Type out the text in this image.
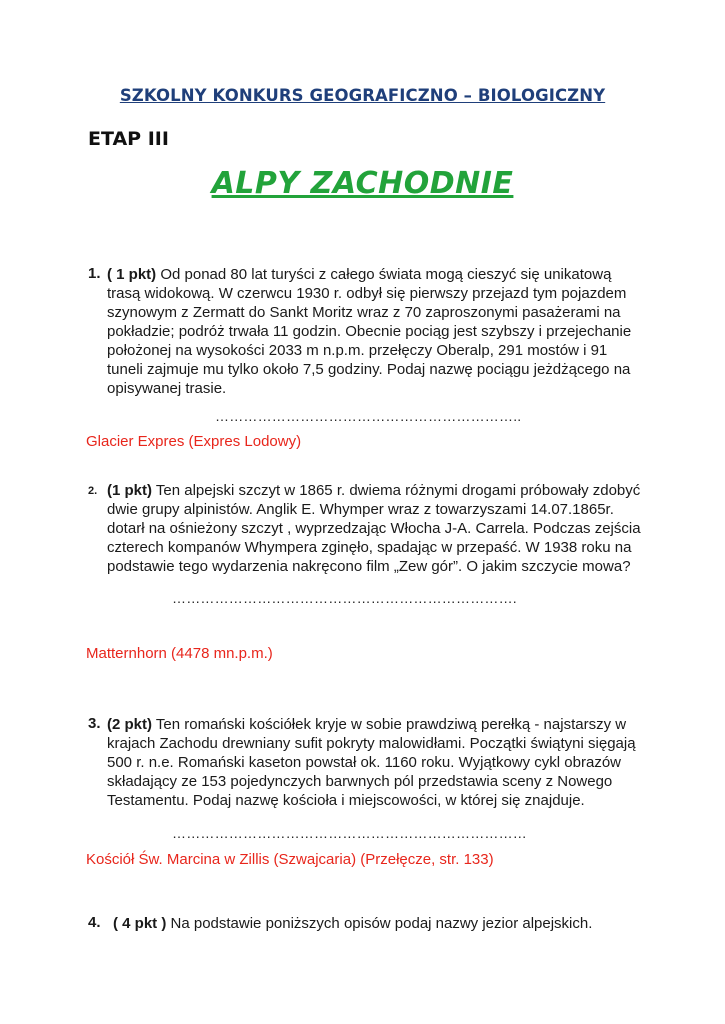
SZKOLNY KONKURS GEOGRAFICZNO – BIOLOGICZNY
ETAP III
ALPY ZACHODNIE
1. ( 1 pkt) Od ponad 80 lat turyści z całego świata mogą cieszyć się unikatową trasą widokową. W czerwcu 1930 r. odbył się pierwszy przejazd tym pojazdem szynowym z Zermatt do Sankt Moritz wraz z 70 zaproszonymi pasażerami na pokładzie; podróż trwała 11 godzin. Obecnie pociąg jest szybszy i przejechanie położonej na wysokości 2033 m n.p.m. przełęczy Oberalp, 291 mostów i 91 tuneli zajmuje mu tylko około 7,5 godziny. Podaj nazwę pociągu jeżdżącego na opisywanej trasie.
………………………………………………………..
Glacier Expres (Expres Lodowy)
2. (1 pkt) Ten alpejski szczyt w 1865 r. dwiema różnymi drogami próbowały zdobyć dwie grupy alpinistów. Anglik E. Whymper wraz z towarzyszami 14.07.1865r. dotarł na ośnieżony szczyt , wyprzedzając Włocha J-A. Carrela. Podczas zejścia czterech kompanów Whympera zginęło, spadając w przepaść. W 1938 roku na podstawie tego wydarzenia nakręcono film „Zew gór”. O jakim szczycie mowa?
……………………………………………………………….
Matternhorn (4478 mn.p.m.)
3. (2 pkt) Ten romański kościółek kryje w sobie prawdziwą perełką - najstarszy w krajach Zachodu drewniany sufit pokryty malowidłami. Początki świątyni sięgają 500 r. n.e. Romański kaseton powstał ok. 1160 roku. Wyjątkowy cykl obrazów składający ze 153 pojedynczych barwnych pól przedstawia sceny z Nowego Testamentu. Podaj nazwę kościoła i miejscowości, w której się znajduje.
…………………………………………………………………
Kościół Św. Marcina w Zillis (Szwajcaria) (Przełęcze, str. 133)
4. ( 4 pkt ) Na podstawie poniższych opisów podaj nazwy jezior alpejskich.
